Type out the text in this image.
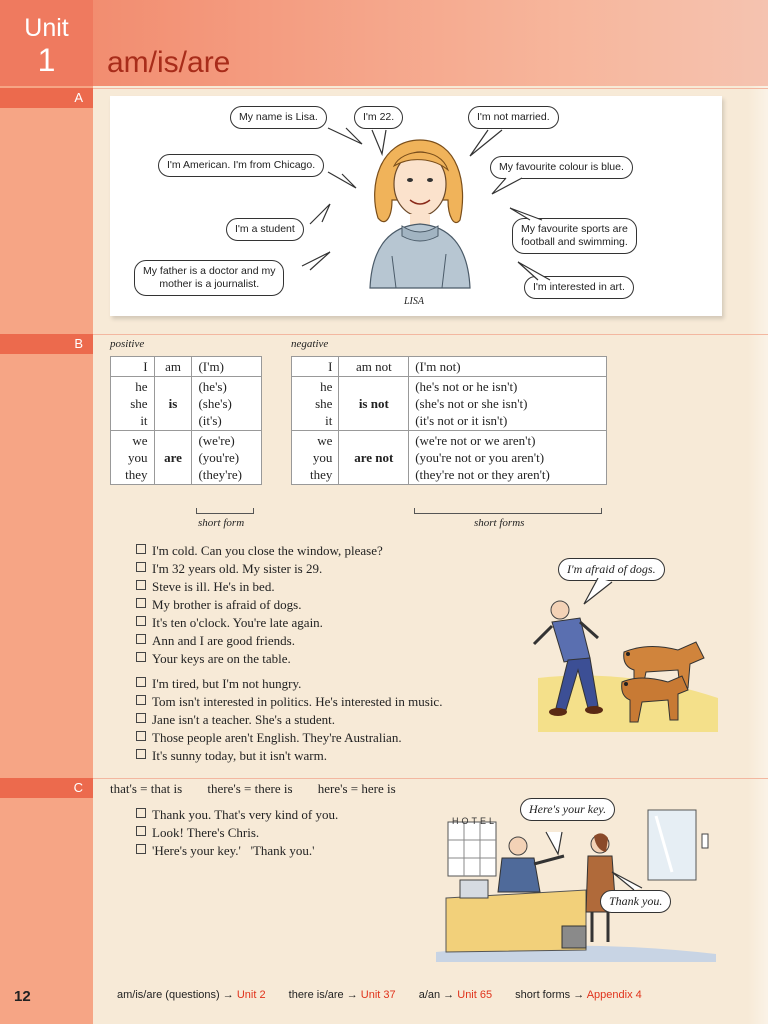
Unit
1	am/is/are
A
My name is Lisa.	I'm 22.	I'm not married.
I'm American. I'm from Chicago.	My favourite colour is blue.
I'm a student	My favourite sports are
football and swimming.
My father is a doctor and my
mother is a journalist.	I'm interested in art.
LISA
B	positive
I	am	(I'm)
he
she
it	is	(he's)
(she's)
(it's)
we
you
they	are	(we're)
(you're)
(they're)
short form
negative
I	am not	(I'm not)
he
she
it	is not	(he's not or he isn't)
(she's not or she isn't)
(it's not or it isn't)
we
you
they	are not	(we're not or we aren't)
(you're not or you aren't)
(they're not or they aren't)
short forms
I'm cold. Can you close the window, please?
I'm 32 years old. My sister is 29.
Steve is ill. He's in bed.
My brother is afraid of dogs.
It's ten o'clock. You're late again.
Ann and I are good friends.
Your keys are on the table.
I'm tired, but I'm not hungry.
Tom isn't interested in politics. He's interested in music.
Jane isn't a teacher. She's a student.
Those people aren't English. They're Australian.
It's sunny today, but it isn't warm.
I'm afraid of dogs.
C	that's = that is there's = there is here's = here is
Thank you. That's very kind of you.
Look! There's Chris.
'Here's your key.'   'Thank you.'
HOTEL
Here's your key.
Thank you.
12	am/is/are (questions) → Unit 2 there is/are → Unit 37 a/an → Unit 65 short forms → Appendix 4
